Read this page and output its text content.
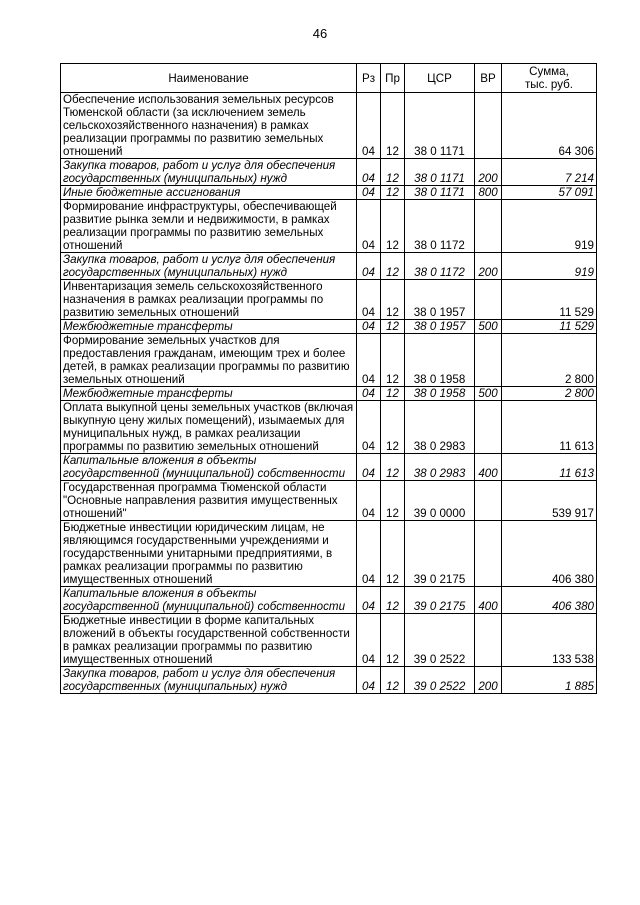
46
Наименование	Рз	Пр	ЦСР	ВР	Сумма,
тыс. руб.

Обеспечение использования земельных ресурсов Тюменской области (за исключением земель сельскохозяйственного назначения) в рамках реализации программы по развитию земельных отношений	04	12	38 0 1171		64 306
Закупка товаров, работ и услуг для обеспечения государственных (муниципальных) нужд	04	12	38 0 1171	200	7 214
Иные бюджетные ассигнования	04	12	38 0 1171	800	57 091
Формирование инфраструктуры, обеспечивающей развитие рынка земли и недвижимости, в рамках реализации программы по развитию земельных отношений	04	12	38 0 1172		919
Закупка товаров, работ и услуг для обеспечения государственных (муниципальных) нужд	04	12	38 0 1172	200	919
Инвентаризация земель сельскохозяйственного назначения в рамках реализации программы по развитию земельных отношений	04	12	38 0 1957		11 529
Межбюджетные трансферты	04	12	38 0 1957	500	11 529
Формирование земельных участков для предоставления гражданам, имеющим трех и более детей, в рамках реализации программы по развитию земельных отношений	04	12	38 0 1958		2 800
Межбюджетные трансферты	04	12	38 0 1958	500	2 800
Оплата выкупной цены земельных участков (включая выкупную цену жилых помещений), изымаемых для муниципальных нужд, в рамках реализации программы по развитию земельных отношений	04	12	38 0 2983		11 613
Капитальные вложения в объекты государственной (муниципальной) собственности	04	12	38 0 2983	400	11 613
Государственная программа Тюменской области "Основные направления развития имущественных отношений"	04	12	39 0 0000		539 917
Бюджетные инвестиции юридическим лицам, не являющимся государственными учреждениями и государственными унитарными предприятиями, в рамках реализации программы по развитию имущественных отношений	04	12	39 0 2175		406 380
Капитальные вложения в объекты государственной (муниципальной) собственности	04	12	39 0 2175	400	406 380
Бюджетные инвестиции в форме капитальных вложений в объекты государственной собственности в рамках реализации программы по развитию имущественных отношений	04	12	39 0 2522		133 538
Закупка товаров, работ и услуг для обеспечения государственных (муниципальных) нужд	04	12	39 0 2522	200	1 885
